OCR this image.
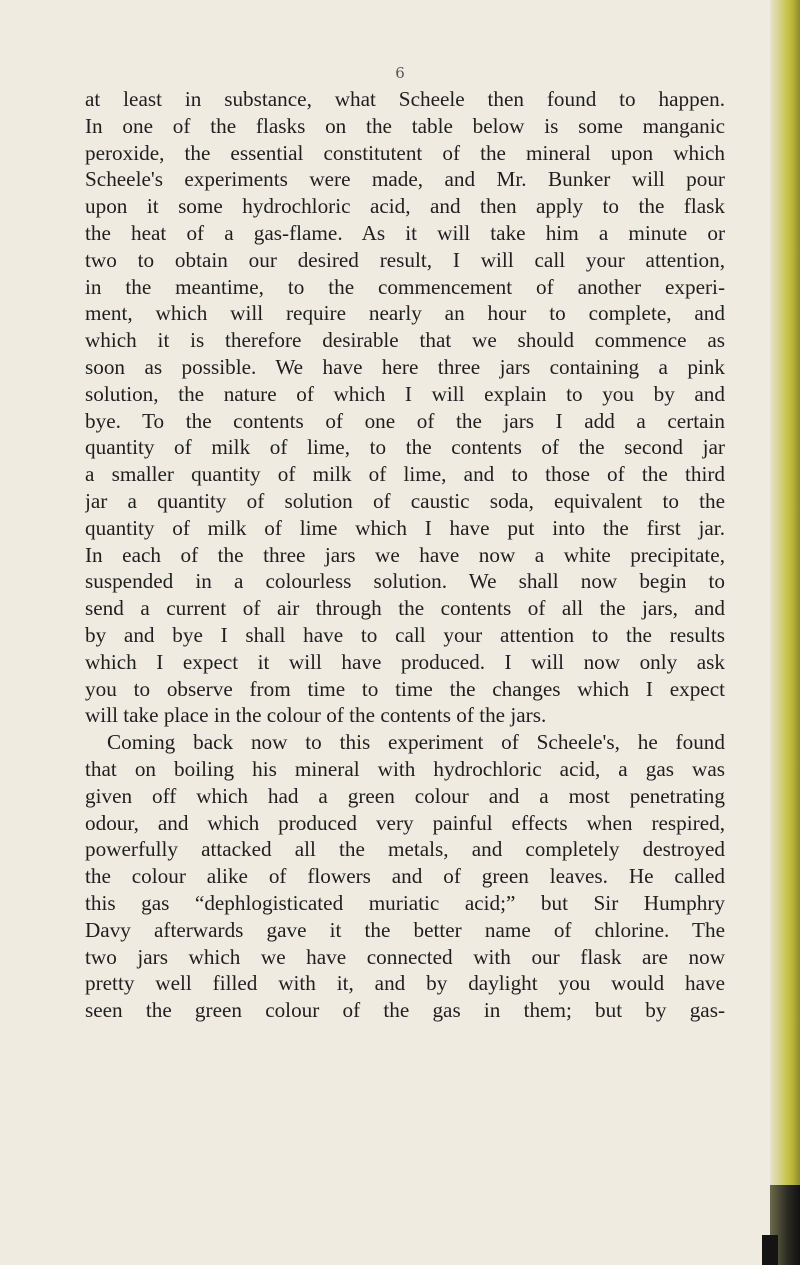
6
at least in substance, what Scheele then found to happen.
In one of the flasks on the table below is some manganic
peroxide, the essential constitutent of the mineral upon which
Scheele's experiments were made, and Mr. Bunker will pour
upon it some hydrochloric acid, and then apply to the flask
the heat of a gas-flame. As it will take him a minute or
two to obtain our desired result, I will call your attention,
in the meantime, to the commencement of another experi-
ment, which will require nearly an hour to complete, and
which it is therefore desirable that we should commence as
soon as possible. We have here three jars containing a pink
solution, the nature of which I will explain to you by and
bye. To the contents of one of the jars I add a certain
quantity of milk of lime, to the contents of the second jar
a smaller quantity of milk of lime, and to those of the third
jar a quantity of solution of caustic soda, equivalent to the
quantity of milk of lime which I have put into the first jar.
In each of the three jars we have now a white precipitate,
suspended in a colourless solution. We shall now begin to
send a current of air through the contents of all the jars, and
by and bye I shall have to call your attention to the results
which I expect it will have produced. I will now only ask
you to observe from time to time the changes which I expect
will take place in the colour of the contents of the jars.
Coming back now to this experiment of Scheele's, he found
that on boiling his mineral with hydrochloric acid, a gas was
given off which had a green colour and a most penetrating
odour, and which produced very painful effects when respired,
powerfully attacked all the metals, and completely destroyed
the colour alike of flowers and of green leaves. He called
this gas “dephlogisticated muriatic acid;” but Sir Humphry
Davy afterwards gave it the better name of chlorine. The
two jars which we have connected with our flask are now
pretty well filled with it, and by daylight you would have
seen the green colour of the gas in them; but by gas-
